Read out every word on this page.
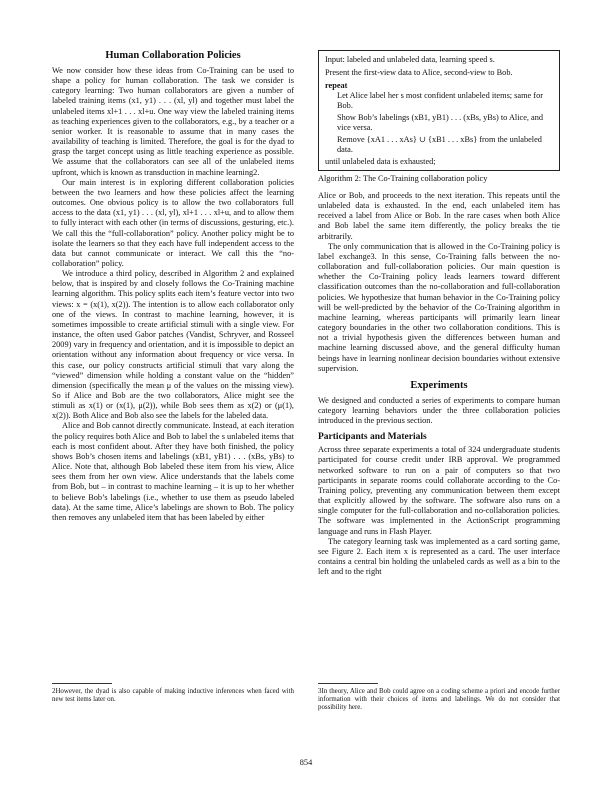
Human Collaboration Policies

We now consider how these ideas from Co-Training can be used to shape a policy for human collaboration. The task we consider is category learning: Two human collaborators are given a number of labeled training items (x1, y1) . . . (xl, yl) and together must label the unlabeled items xl+1 . . . xl+u. One way view the labeled training items as teaching experiences given to the collaborators, e.g., by a teacher or a senior worker. It is reasonable to assume that in many cases the availability of teaching is limited. Therefore, the goal is for the dyad to grasp the target concept using as little teaching experience as possible. We assume that the collaborators can see all of the unlabeled items upfront, which is known as transduction in machine learning2.

Our main interest is in exploring different collaboration policies between the two learners and how these policies affect the learning outcomes. One obvious policy is to allow the two collaborators full access to the data (x1, y1) . . . (xl, yl), xl+1 . . . xl+u, and to allow them to fully interact with each other (in terms of discussions, gesturing, etc.). We call this the “full-collaboration” policy. Another policy might be to isolate the learners so that they each have full independent access to the data but cannot communicate or interact. We call this the “no-collaboration” policy.

We introduce a third policy, described in Algorithm 2 and explained below, that is inspired by and closely follows the Co-Training machine learning algorithm. This policy splits each item’s feature vector into two views: x = (x(1), x(2)). The intention is to allow each collaborator only one of the views. In contrast to machine learning, however, it is sometimes impossible to create artificial stimuli with a single view. For instance, the often used Gabor patches (Vandist, Schryver, and Rosseel 2009) vary in frequency and orientation, and it is impossible to depict an orientation without any information about frequency or vice versa. In this case, our policy constructs artificial stimuli that vary along the “viewed” dimension while holding a constant value on the “hidden” dimension (specifically the mean μ of the values on the missing view). So if Alice and Bob are the two collaborators, Alice might see the stimuli as x(1) or (x(1), μ(2)), while Bob sees them as x(2) or (μ(1), x(2)). Both Alice and Bob also see the labels for the labeled data.

Alice and Bob cannot directly communicate. Instead, at each iteration the policy requires both Alice and Bob to label the s unlabeled items that each is most confident about. After they have both finished, the policy shows Bob’s chosen items and labelings (xB1, yB1) . . . (xBs, yBs) to Alice. Note that, although Bob labeled these item from his view, Alice sees them from her own view. Alice understands that the labels come from Bob, but – in contrast to machine learning – it is up to her whether to believe Bob’s labelings (i.e., whether to use them as pseudo labeled data). At the same time, Alice’s labelings are shown to Bob. The policy then removes any unlabeled item that has been labeled by either

2However, the dyad is also capable of making inductive inferences when faced with new test items later on.
Input: labeled and unlabeled data, learning speed s.
Present the first-view data to Alice, second-view to Bob.
repeat
Let Alice label her s most confident unlabeled items; same for Bob.
Show Bob’s labelings (xB1, yB1) . . . (xBs, yBs) to Alice, and vice versa.
Remove {xA1 . . . xAs} ∪ {xB1 . . . xBs} from the unlabeled data.
until unlabeled data is exhausted;
Algorithm 2: The Co-Training collaboration policy

Alice or Bob, and proceeds to the next iteration. This repeats until the unlabeled data is exhausted. In the end, each unlabeled item has received a label from Alice or Bob. In the rare cases when both Alice and Bob label the same item differently, the policy breaks the tie arbitrarily.

The only communication that is allowed in the Co-Training policy is label exchange3. In this sense, Co-Training falls between the no-collaboration and full-collaboration policies. Our main question is whether the Co-Training policy leads learners toward different classification outcomes than the no-collaboration and full-collaboration policies. We hypothesize that human behavior in the Co-Training policy will be well-predicted by the behavior of the Co-Training algorithm in machine learning, whereas participants will primarily learn linear category boundaries in the other two collaboration conditions. This is not a trivial hypothesis given the differences between human and machine learning discussed above, and the general difficulty human beings have in learning nonlinear decision boundaries without extensive supervision.

Experiments

We designed and conducted a series of experiments to compare human category learning behaviors under the three collaboration policies introduced in the previous section.

Participants and Materials

Across three separate experiments a total of 324 undergraduate students participated for course credit under IRB approval. We programmed networked software to run on a pair of computers so that two participants in separate rooms could collaborate according to the Co-Training policy, preventing any communication between them except that explicitly allowed by the software. The software also runs on a single computer for the full-collaboration and no-collaboration policies. The software was implemented in the ActionScript programming language and runs in Flash Player.

The category learning task was implemented as a card sorting game, see Figure 2. Each item x is represented as a card. The user interface contains a central bin holding the unlabeled cards as well as a bin to the left and to the right

3In theory, Alice and Bob could agree on a coding scheme a priori and encode further information with their choices of items and labelings. We do not consider that possibility here.
854
